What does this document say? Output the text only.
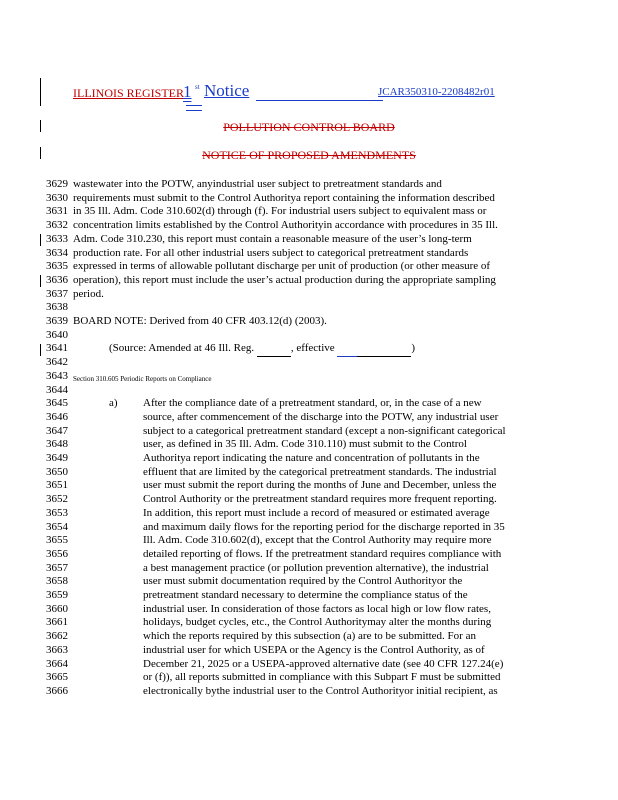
ILLINOIS REGISTER 1 st Notice	JCAR350310-2208482r01
POLLUTION CONTROL BOARD
NOTICE OF PROPOSED AMENDMENTS
3629 wastewater into the POTW, anyindustrial user subject to pretreatment standards and
3630 requirements must submit to the Control Authoritya report containing the information described
3631 in 35 Ill. Adm. Code 310.602(d) through (f). For industrial users subject to equivalent mass or
3632 concentration limits established by the Control Authorityin accordance with procedures in 35 Ill.
3633 Adm. Code 310.230, this report must contain a reasonable measure of the user’s long-term
3634 production rate. For all other industrial users subject to categorical pretreatment standards
3635 expressed in terms of allowable pollutant discharge per unit of production (or other measure of
3636 operation), this report must include the user’s actual production during the appropriate sampling
3637 period.
3638
3639 BOARD NOTE: Derived from 40 CFR 403.12(d) (2003).
3640
3641	(Source: Amended at 46 Ill. Reg.	, effective	)
3642
3643 Section 310.605 Periodic Reports on Compliance
3644
a)
3645	After the compliance date of a pretreatment standard, or, in the case of a new
3646	source, after commencement of the discharge into the POTW, any industrial user
3647	subject to a categorical pretreatment standard (except a non-significant categorical
3648	user, as defined in 35 Ill. Adm. Code 310.110) must submit to the Control
3649	Authoritya report indicating the nature and concentration of pollutants in the
3650	effluent that are limited by the categorical pretreatment standards. The industrial
3651	user must submit the report during the months of June and December, unless the
3652	Control Authority or the pretreatment standard requires more frequent reporting.
3653	In addition, this report must include a record of measured or estimated average
3654	and maximum daily flows for the reporting period for the discharge reported in 35
3655	Ill. Adm. Code 310.602(d), except that the Control Authority may require more
3656	detailed reporting of flows. If the pretreatment standard requires compliance with
3657	a best management practice (or pollution prevention alternative), the industrial
3658	user must submit documentation required by the Control Authorityor the
3659	pretreatment standard necessary to determine the compliance status of the
3660	industrial user. In consideration of those factors as local high or low flow rates,
3661	holidays, budget cycles, etc., the Control Authoritymay alter the months during
3662	which the reports required by this subsection (a) are to be submitted. For an
3663	industrial user for which USEPA or the Agency is the Control Authority, as of
3664	December 21, 2025 or a USEPA-approved alternative date (see 40 CFR 127.24(e)
3665	or (f)), all reports submitted in compliance with this Subpart F must be submitted
3666	electronically bythe industrial user to the Control Authorityor initial recipient, as
